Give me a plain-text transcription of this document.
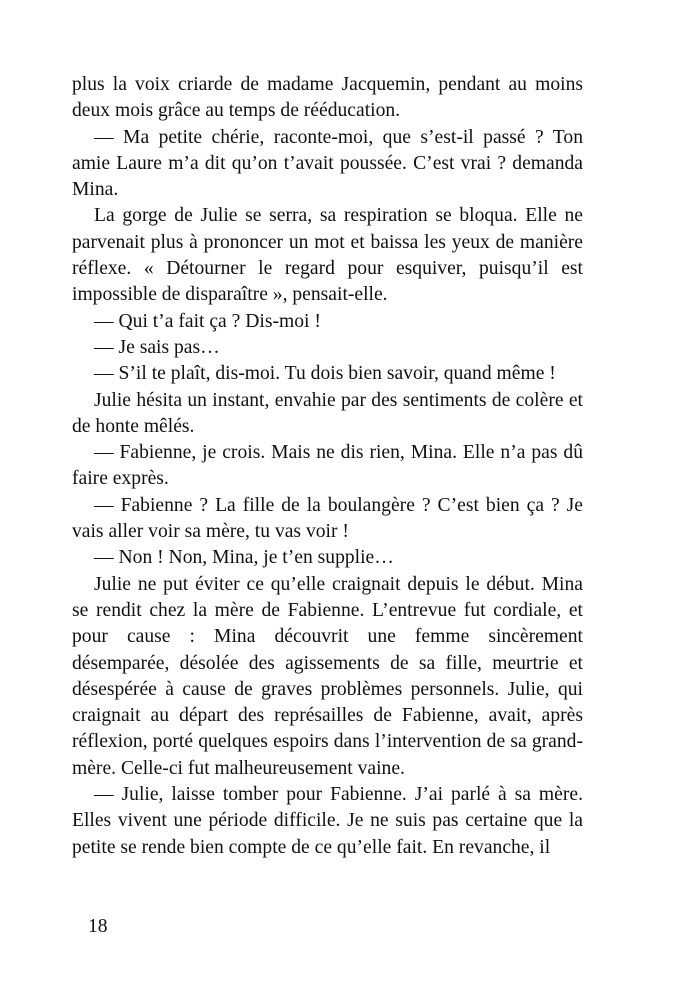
plus la voix criarde de madame Jacquemin, pendant au moins deux mois grâce au temps de rééducation.

— Ma petite chérie, raconte-moi, que s’est-il passé ? Ton amie Laure m’a dit qu’on t’avait poussée. C’est vrai ? demanda Mina.

La gorge de Julie se serra, sa respiration se bloqua. Elle ne parvenait plus à prononcer un mot et baissa les yeux de manière réflexe. « Détourner le regard pour esquiver, puisqu’il est impossible de disparaître », pensait-elle.

— Qui t’a fait ça ? Dis-moi !

— Je sais pas…

— S’il te plaît, dis-moi. Tu dois bien savoir, quand même !

Julie hésita un instant, envahie par des sentiments de colère et de honte mêlés.

— Fabienne, je crois. Mais ne dis rien, Mina. Elle n’a pas dû faire exprès.

— Fabienne ? La fille de la boulangère ? C’est bien ça ? Je vais aller voir sa mère, tu vas voir !

— Non ! Non, Mina, je t’en supplie…

Julie ne put éviter ce qu’elle craignait depuis le début. Mina se rendit chez la mère de Fabienne. L’entrevue fut cordiale, et pour cause : Mina découvrit une femme sincèrement désemparée, désolée des agissements de sa fille, meurtrie et désespérée à cause de graves problèmes personnels. Julie, qui craignait au départ des représailles de Fabienne, avait, après réflexion, porté quelques espoirs dans l’intervention de sa grand-mère. Celle-ci fut malheureusement vaine.

— Julie, laisse tomber pour Fabienne. J’ai parlé à sa mère. Elles vivent une période difficile. Je ne suis pas certaine que la petite se rende bien compte de ce qu’elle fait. En revanche, il

18
